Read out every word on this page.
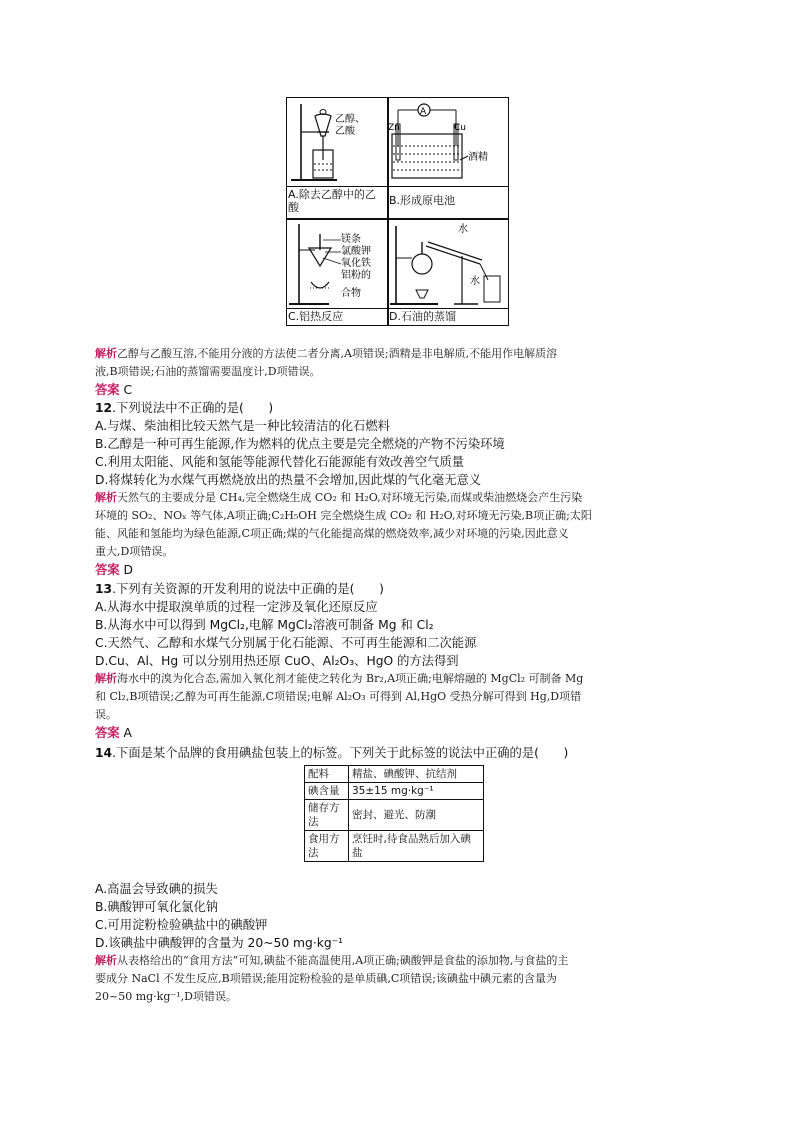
乙醇、
乙酸
A.除去乙醇中的乙酸
A
Zn	Cu
酒精
B.形成原电池
镁条
氯酸钾
氧化铁
铝粉的
合物
C.铝热反应
水
水
D.石油的蒸馏
解析乙醇与乙酸互溶,不能用分液的方法使二者分离,A项错误;酒精是非电解质,不能用作电解质溶
液,B项错误;石油的蒸馏需要温度计,D项错误。
答案 C
12.下列说法中不正确的是(　　)
A.与煤、柴油相比较天然气是一种比较清洁的化石燃料
B.乙醇是一种可再生能源,作为燃料的优点主要是完全燃烧的产物不污染环境
C.利用太阳能、风能和氢能等能源代替化石能源能有效改善空气质量
D.将煤转化为水煤气再燃烧放出的热量不会增加,因此煤的气化毫无意义
解析天然气的主要成分是 CH₄,完全燃烧生成 CO₂ 和 H₂O,对环境无污染,而煤或柴油燃烧会产生污染
环境的 SO₂、NOₓ 等气体,A项正确;C₂H₅OH 完全燃烧生成 CO₂ 和 H₂O,对环境无污染,B项正确;太阳
能、风能和氢能均为绿色能源,C项正确;煤的气化能提高煤的燃烧效率,减少对环境的污染,因此意义
重大,D项错误。
答案 D
13.下列有关资源的开发利用的说法中正确的是(　　)
A.从海水中提取溴单质的过程一定涉及氧化还原反应
B.从海水中可以得到 MgCl₂,电解 MgCl₂溶液可制备 Mg 和 Cl₂
C.天然气、乙醇和水煤气分别属于化石能源、不可再生能源和二次能源
D.Cu、Al、Hg 可以分别用热还原 CuO、Al₂O₃、HgO 的方法得到
解析海水中的溴为化合态,需加入氧化剂才能使之转化为 Br₂,A项正确;电解熔融的 MgCl₂ 可制备 Mg
和 Cl₂,B项错误;乙醇为可再生能源,C项错误;电解 Al₂O₃ 可得到 Al,HgO 受热分解可得到 Hg,D项错
误。
答案 A
14.下面是某个品牌的食用碘盐包装上的标签。下列关于此标签的说法中正确的是(　　)
配料	精盐、碘酸钾、抗结剂
碘含量	35±15 mg·kg⁻¹
储存方法	密封、避光、防潮
食用方法	烹饪时,待食品熟后加入碘盐
A.高温会导致碘的损失
B.碘酸钾可氧化氯化钠
C.可用淀粉检验碘盐中的碘酸钾
D.该碘盐中碘酸钾的含量为 20~50 mg·kg⁻¹
解析从表格给出的“食用方法”可知,碘盐不能高温使用,A项正确;碘酸钾是食盐的添加物,与食盐的主
要成分 NaCl 不发生反应,B项错误;能用淀粉检验的是单质碘,C项错误;该碘盐中碘元素的含量为
20~50 mg·kg⁻¹,D项错误。
